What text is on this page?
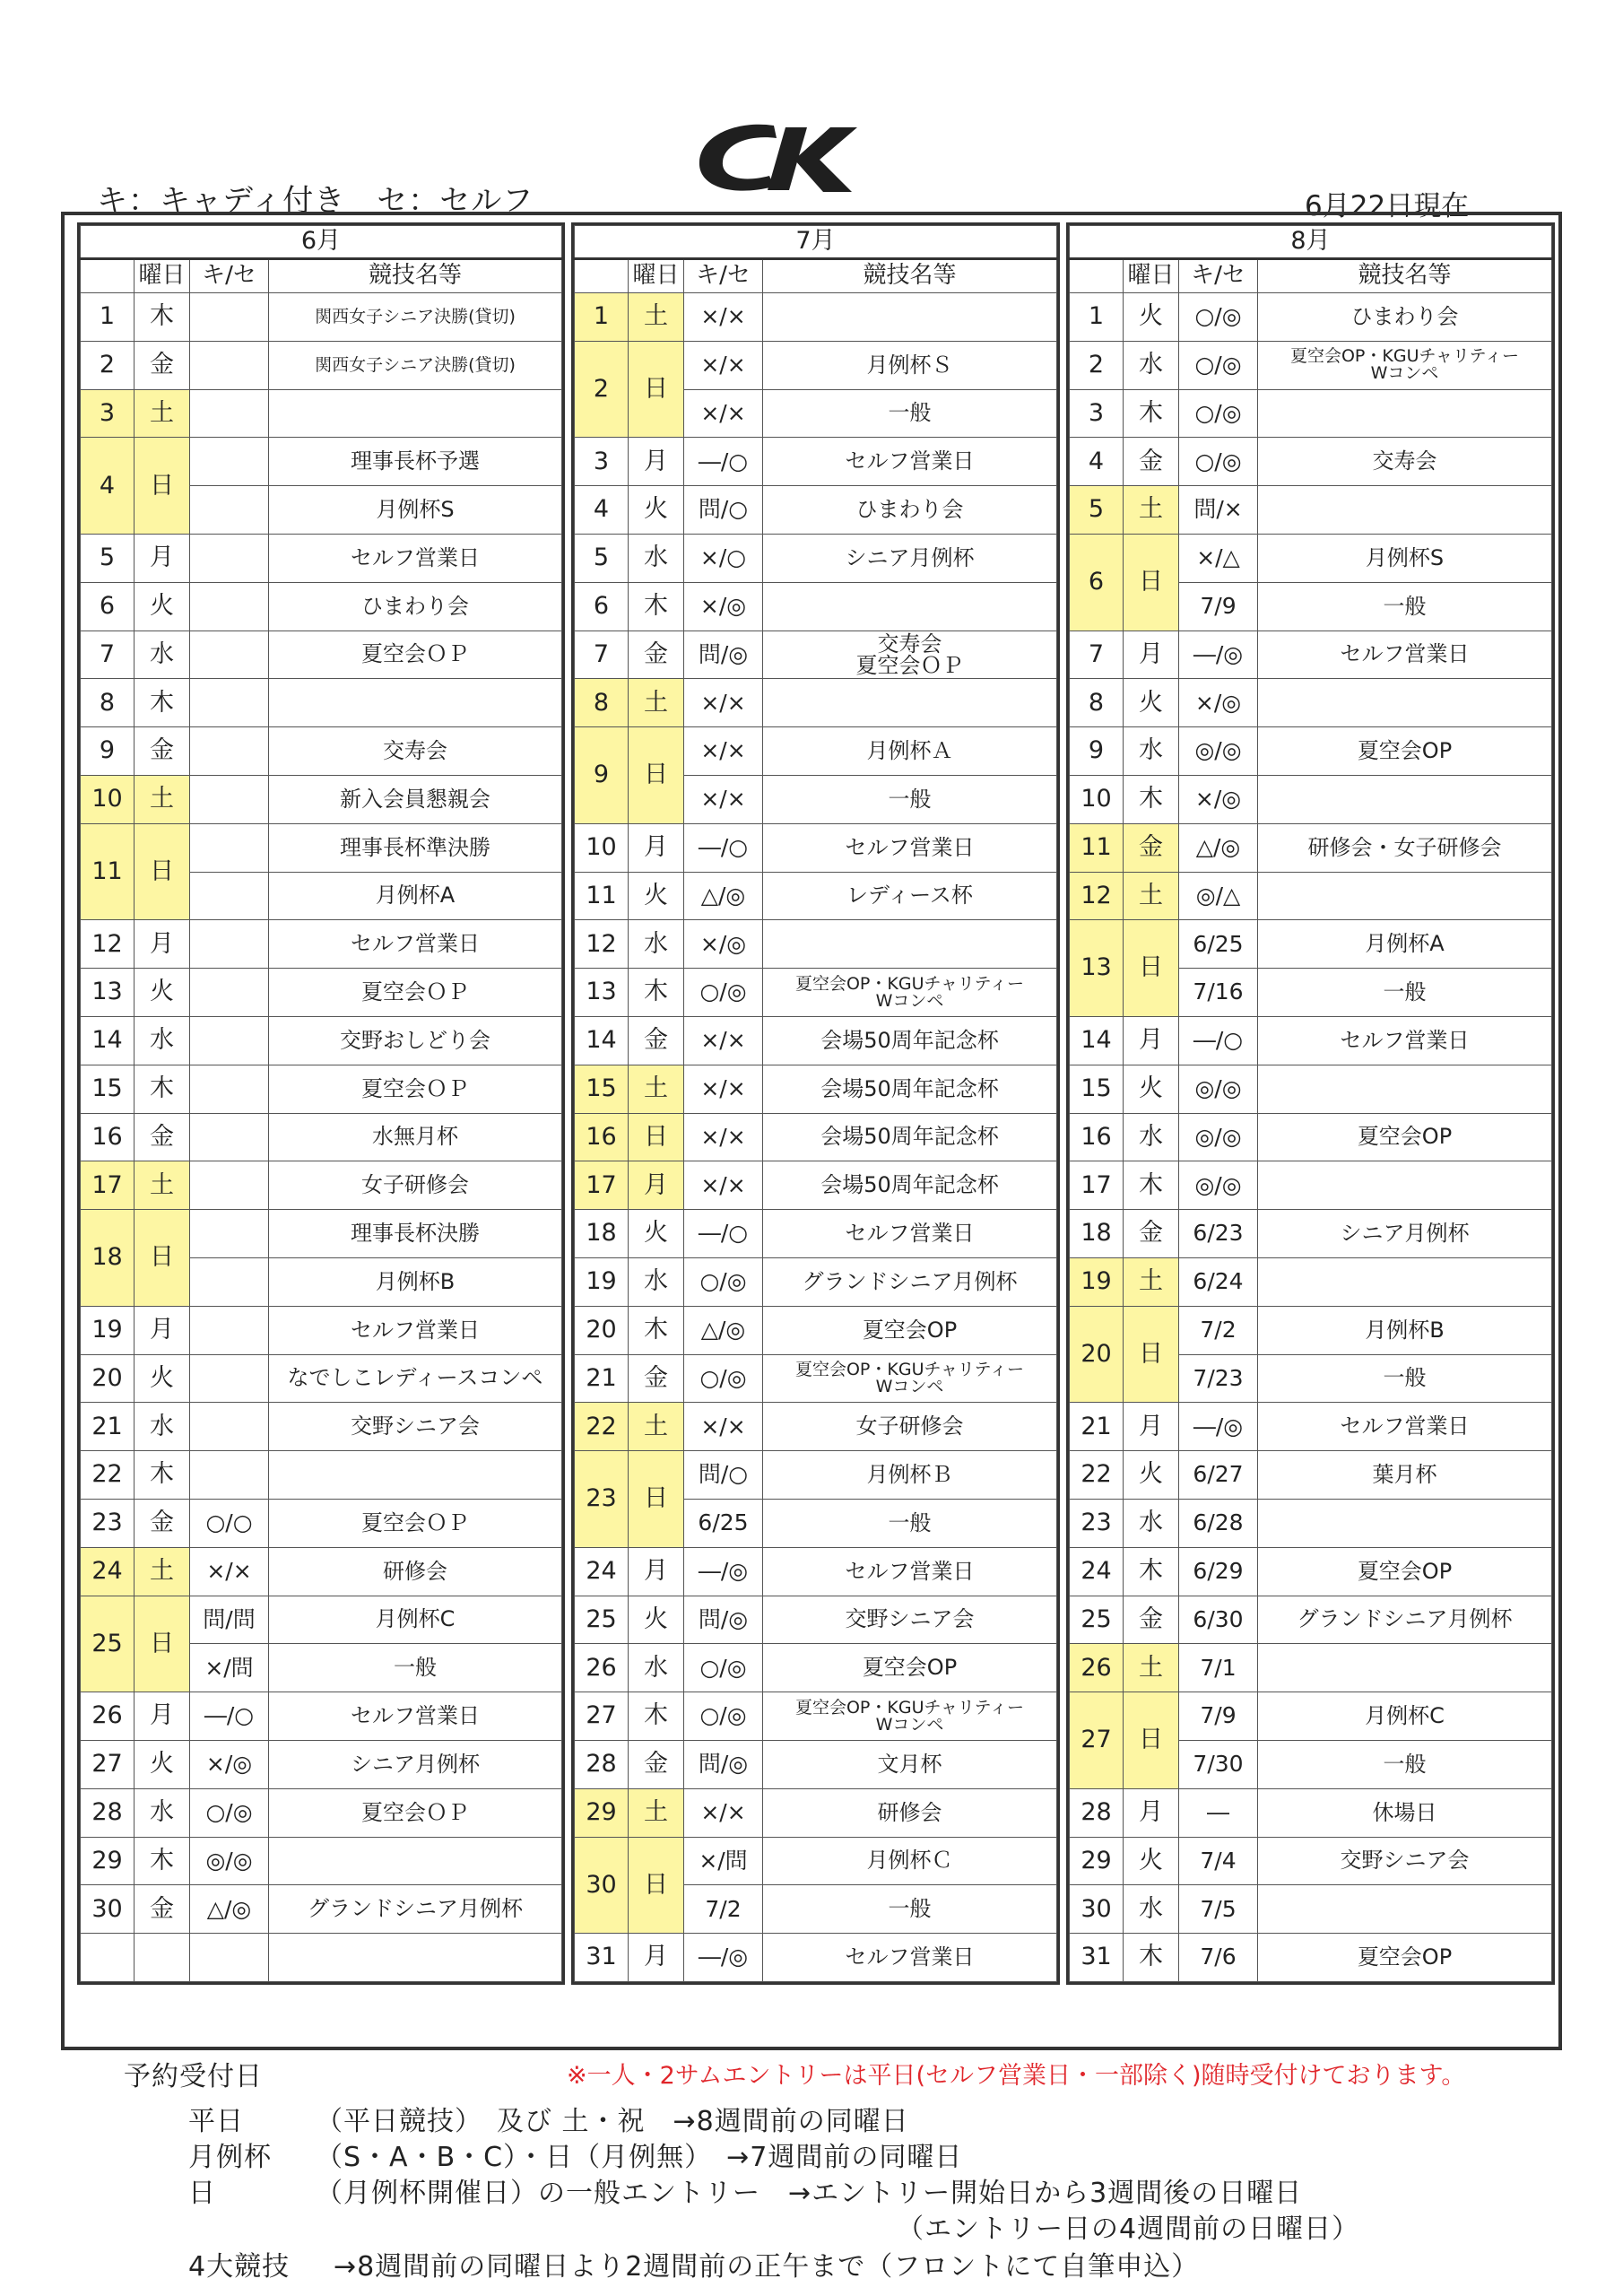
CK
キ：キャディ付き　セ：セルフ	6月22日現在
6月			
	曜日	キ/セ	競技名等
1	木		関西女子シニア決勝(貸切)
2	金		関西女子シニア決勝(貸切)
3	土		
4	日		理事長杯予選
			月例杯S
5	月		セルフ営業日
6	火		ひまわり会
7	水		夏空会ＯＰ
8	木		
9	金		交寿会
10	土		新入会員懇親会
11	日		理事長杯準決勝
			月例杯A
12	月		セルフ営業日
13	火		夏空会ＯＰ
14	水		交野おしどり会
15	木		夏空会ＯＰ
16	金		水無月杯
17	土		女子研修会
18	日		理事長杯決勝
			月例杯B
19	月		セルフ営業日
20	火		なでしこレディースコンペ
21	水		交野シニア会
22	木		
23	金	○/○	夏空会ＯＰ
24	土	×/×	研修会
25	日	問/問	月例杯C
		×/問	一般
26	月	―/○	セルフ営業日
27	火	×/◎	シニア月例杯
28	水	○/◎	夏空会ＯＰ
29	木	◎/◎	
30	金	△/◎	グランドシニア月例杯

7月			
	曜日	キ/セ	競技名等
1	土	×/×	
2	日	×/×	月例杯Ｓ
		×/×	一般
3	月	―/○	セルフ営業日
4	火	問/○	ひまわり会
5	水	×/○	シニア月例杯
6	木	×/◎	
7	金	問/◎	交寿会
夏空会ＯＰ
8	土	×/×	
9	日	×/×	月例杯Ａ
		×/×	一般
10	月	―/○	セルフ営業日
11	火	△/◎	レディース杯
12	水	×/◎	
13	木	○/◎	夏空会OP・KGUチャリティー
Wコンペ
14	金	×/×	会場50周年記念杯
15	土	×/×	会場50周年記念杯
16	日	×/×	会場50周年記念杯
17	月	×/×	会場50周年記念杯
18	火	―/○	セルフ営業日
19	水	○/◎	グランドシニア月例杯
20	木	△/◎	夏空会OP
21	金	○/◎	夏空会OP・KGUチャリティー
Wコンペ
22	土	×/×	女子研修会
23	日	問/○	月例杯Ｂ
		6/25	一般
24	月	―/◎	セルフ営業日
25	火	問/◎	交野シニア会
26	水	○/◎	夏空会OP
27	木	○/◎	夏空会OP・KGUチャリティー
Wコンペ
28	金	問/◎	文月杯
29	土	×/×	研修会
30	日	×/問	月例杯Ｃ
		7/2	一般
31	月	―/◎	セルフ営業日
8月			
	曜日	キ/セ	競技名等
1	火	○/◎	ひまわり会
2	水	○/◎	夏空会OP・KGUチャリティー
Wコンペ
3	木	○/◎	
4	金	○/◎	交寿会
5	土	問/×	
6	日	×/△	月例杯S
		7/9	一般
7	月	―/◎	セルフ営業日
8	火	×/◎	
9	水	◎/◎	夏空会OP
10	木	×/◎	
11	金	△/◎	研修会・女子研修会
12	土	◎/△	
13	日	6/25	月例杯A
		7/16	一般
14	月	―/○	セルフ営業日
15	火	◎/◎	
16	水	◎/◎	夏空会OP
17	木	◎/◎	
18	金	6/23	シニア月例杯
19	土	6/24	
20	日	7/2	月例杯B
		7/23	一般
21	月	―/◎	セルフ営業日
22	火	6/27	葉月杯
23	水	6/28	
24	木	6/29	夏空会OP
25	金	6/30	グランドシニア月例杯
26	土	7/1	
27	日	7/9	月例杯C
		7/30	一般
28	月	―	休場日
29	火	7/4	交野シニア会
30	水	7/5	
31	木	7/6	夏空会OP
予約受付日	※一人・2サムエントリーは平日(セルフ営業日・一部除く)随時受付けております。
平日	（平日競技）　及び 土・祝　→8週間前の同曜日
月例杯 （S・A・B・C）・日（月例無）　→7週間前の同曜日
日	（月例杯開催日）の一般エントリー　→エントリー開始日から3週間後の日曜日
（エントリー日の4週間前の日曜日）
4大競技 →8週間前の同曜日より2週間前の正午まで（フロントにて自筆申込）
